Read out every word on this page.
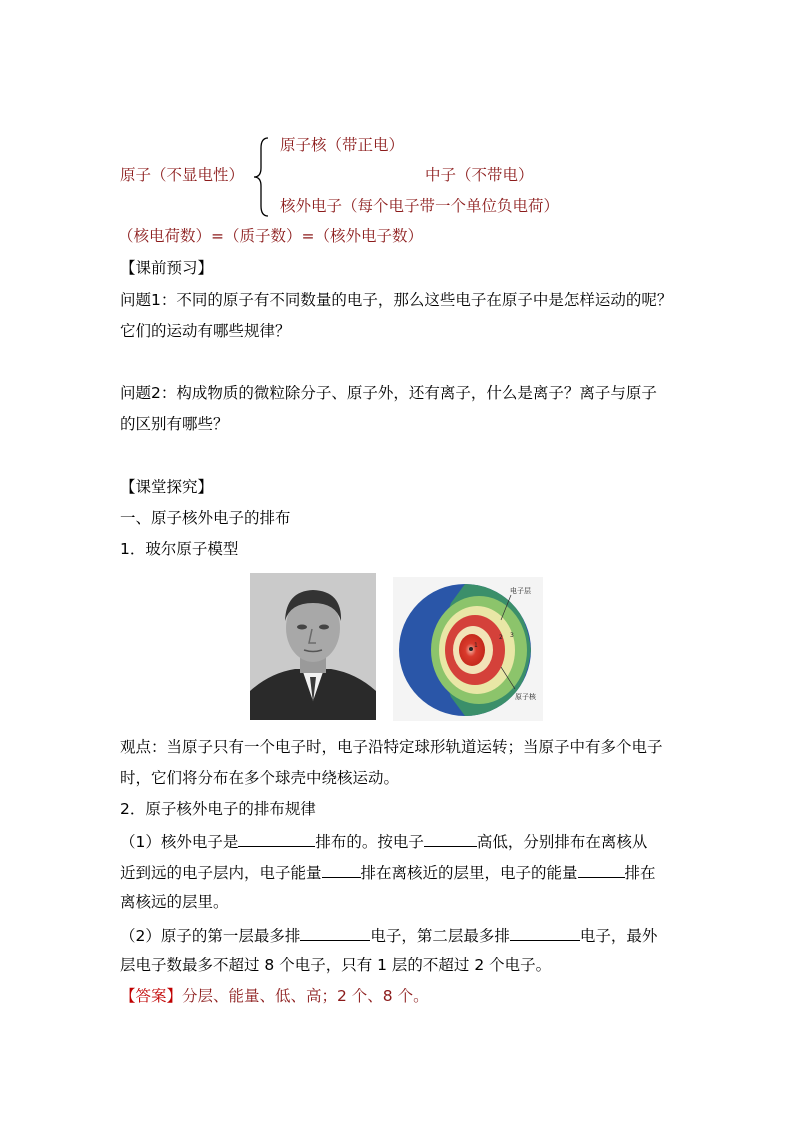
原子核（带正电）
原子（不显电性）	中子（不带电）
核外电子（每个电子带一个单位负电荷）
（核电荷数）=（质子数）=（核外电子数）
【课前预习】
问题1：不同的原子有不同数量的电子，那么这些电子在原子中是怎样运动的呢？
它们的运动有哪些规律？
问题2：构成物质的微粒除分子、原子外，还有离子，什么是离子？离子与原子
的区别有哪些？
【课堂探究】
一、原子核外电子的排布
1．玻尔原子模型
电子层
原子核
1
2 3
观点：当原子只有一个电子时，电子沿特定球形轨道运转；当原子中有多个电子
时，它们将分布在多个球壳中绕核运动。
2．原子核外电子的排布规律
（1）核外电子是	排布的。按电子	高低，分别排布在离核从
近到远的电子层内，电子能量	排在离核近的层里，电子的能量	排在
离核远的层里。
（2）原子的第一层最多排	电子，第二层最多排	电子，最外
层电子数最多不超过 8 个电子，只有 1 层的不超过 2 个电子。
【答案】分层、能量、低、高；2 个、8 个。
